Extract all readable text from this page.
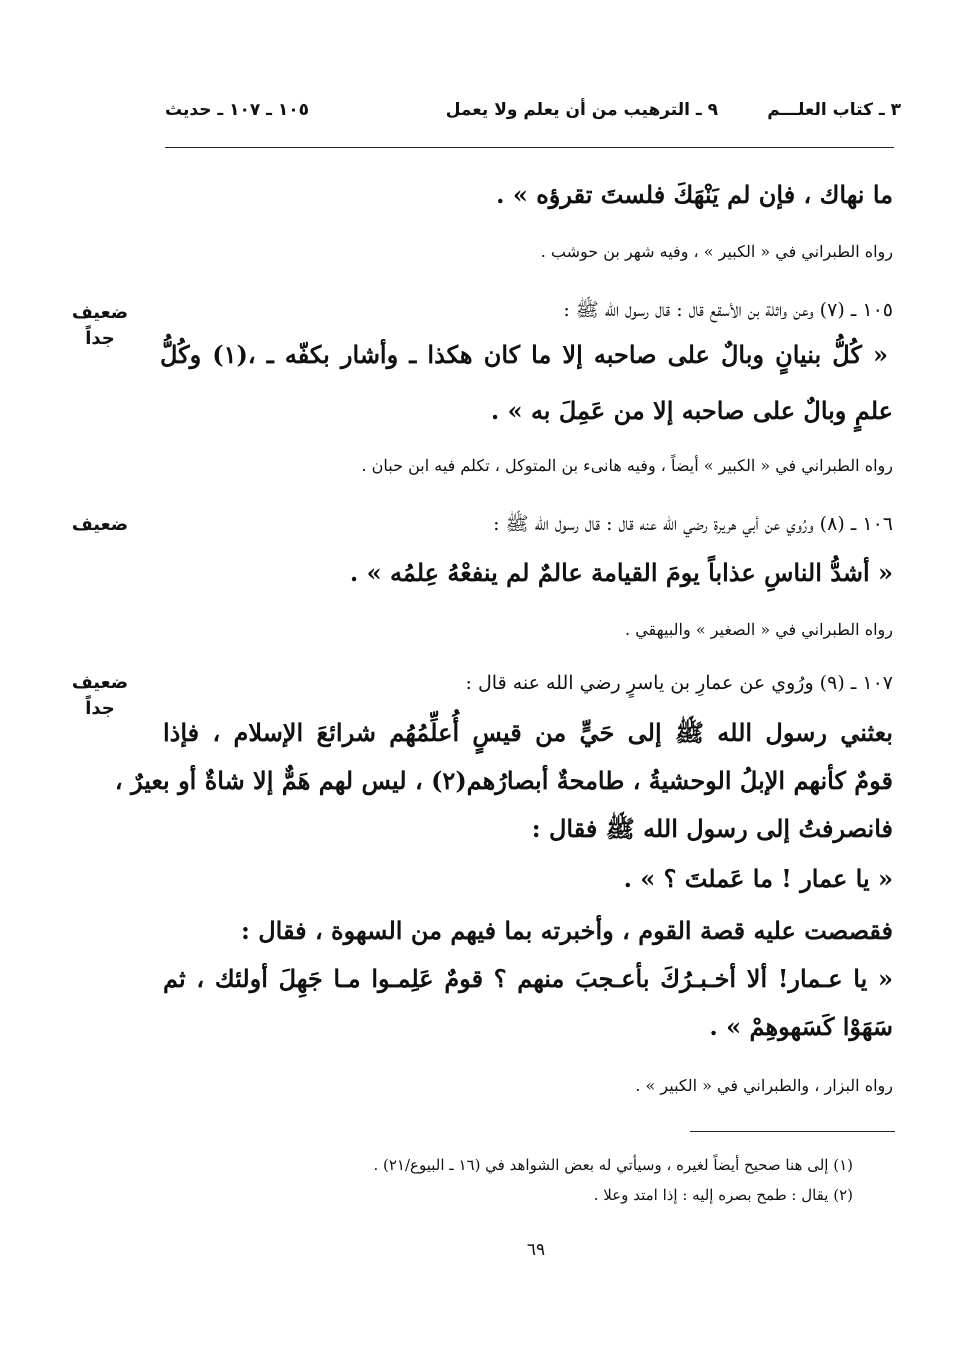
٣ ـ كتاب العلـــم
٩ ـ الترهيب من أن يعلم ولا يعمل
١٠٥ ـ ١٠٧ ـ حديث
ما نهاك ، فإن لم يَنْهَكَ فلستَ تقرؤه » .
رواه الطبراني في « الكبير » ، وفيه شهر بن حوشب .
١٠٥ ـ (٧) وعن واثلة بن الأسقع قال : قال رسول الله ﷺ :
« كُلُّ بنيانٍ وبالٌ على صاحبه إلا ما كان هكذا ـ وأشار بكفّه ـ ،(١) وكُلُّ
علمٍ وبالٌ على صاحبه إلا من عَمِلَ به » .
رواه الطبراني في « الكبير » أيضاً ، وفيه هانىء بن المتوكل ، تكلم فيه ابن حبان .
١٠٦ ـ (٨) ورُوي عن أبي هريرة رضي الله عنه قال : قال رسول الله ﷺ :
« أشدُّ الناسِ عذاباً يومَ القيامة عالمٌ لم ينفعْهُ عِلمُه » .
رواه الطبراني في « الصغير » والبيهقي .
١٠٧ ـ (٩) ورُوي عن عمارِ بن ياسرٍ رضي الله عنه قال :
بعثني رسول الله ﷺ إلى حَيٍّ من قيسٍ أُعلِّمُهُم شرائعَ الإسلام ، فإذا
قومٌ كأنهم الإبلُ الوحشيةُ ، طامحةٌ أبصارُهم(٢) ، ليس لهم هَمٌّ إلا شاةٌ أو بعيرٌ ،
فانصرفتُ إلى رسول الله ﷺ فقال :
« يا عمار ! ما عَملتَ ؟ » .
فقصصت عليه قصة القوم ، وأخبرته بما فيهم من السهوة ، فقال :
« يا عـمار! ألا أخـبـرُكَ بأعـجبَ منهم ؟ قومٌ عَلِمـوا مـا جَهِلَ أولئك ، ثم
سَهَوْا كَسَهوهِمْ » .
رواه البزار ، والطبراني في « الكبير » .
ضعيف جداً
ضعيف
ضعيف جداً
(١) إلى هنا صحيح أيضاً لغيره ، وسيأتي له بعض الشواهد في (١٦ ـ البيوع/٢١) .
(٢) يقال : طمح بصره إليه : إذا امتد وعلا .
٦٩
